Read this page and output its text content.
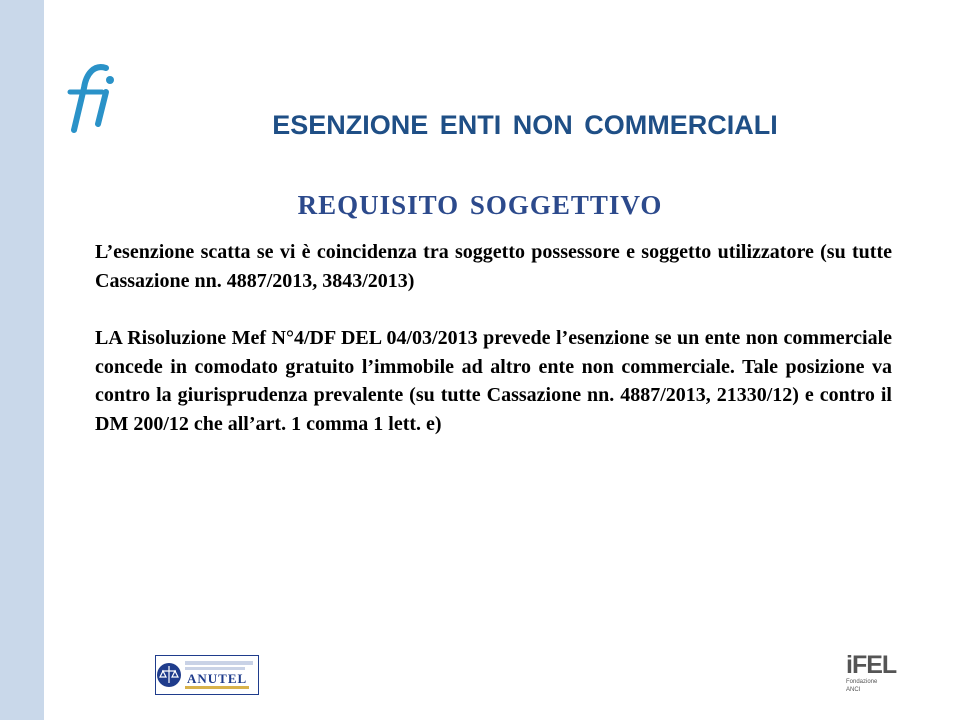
ESENZIONE ENTI NON COMMERCIALI
REQUISITO SOGGETTIVO

L’esenzione scatta se vi è coincidenza tra soggetto possessore e soggetto utilizzatore (su tutte Cassazione nn. 4887/2013, 3843/2013)

LA Risoluzione Mef N°4/DF DEL 04/03/2013 prevede l’esenzione se un ente non commerciale concede in comodato gratuito l’immobile ad altro ente non commerciale. Tale posizione va contro la giurisprudenza prevalente (su tutte Cassazione nn. 4887/2013, 21330/12) e contro il DM 200/12 che all’art. 1 comma 1 lett. e)

ANUTEL	iFEL
Fondazione ANCI
